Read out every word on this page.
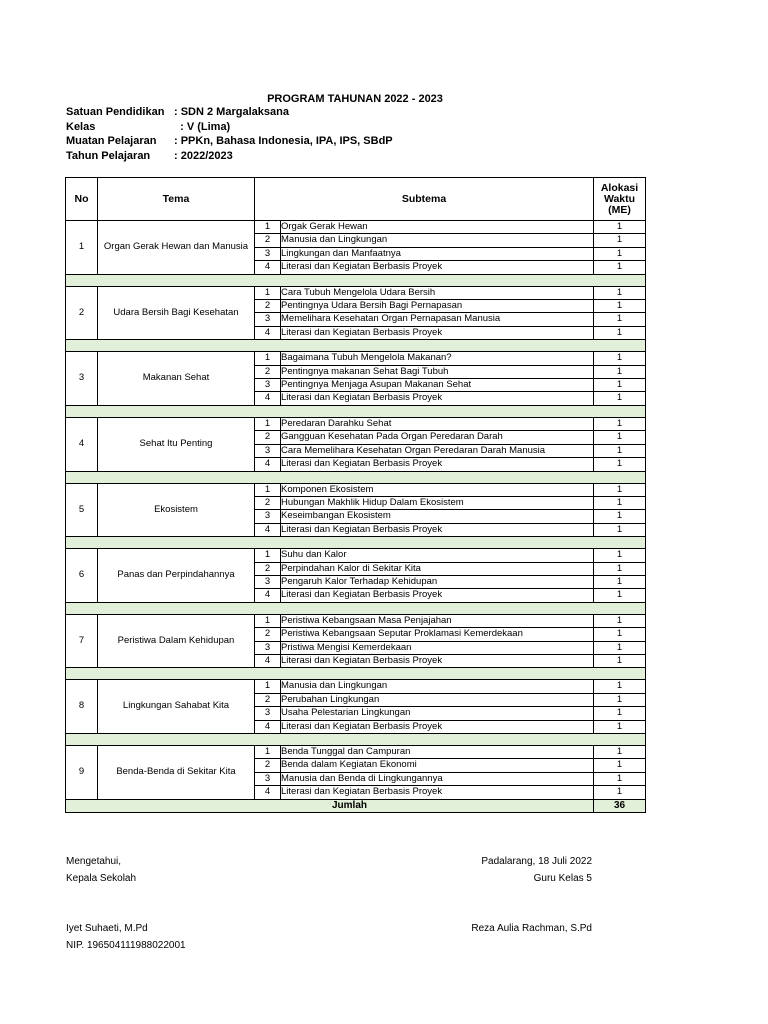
PROGRAM TAHUNAN 2022 - 2023
Satuan Pendidikan : SDN 2 Margalaksana
Kelas	: V (Lima)
Muatan Pelajaran : PPKn, Bahasa Indonesia, IPA, IPS, SBdP
Tahun Pelajaran : 2022/2023
No	Tema	Subtema		Alokasi Waktu (ME)
1	Organ Gerak Hewan dan Manusia	1	Orgak Gerak Hewan	1
		2	Manusia dan Lingkungan	1
		3	Lingkungan dan Manfaatnya	1
		4	Literasi dan Kegiatan Berbasis Proyek	1

2	Udara Bersih Bagi Kesehatan	1	Cara Tubuh Mengelola Udara Bersih	1
		2	Pentingnya Udara Bersih Bagi Pernapasan	1
		3	Memelihara Kesehatan Organ Pernapasan Manusia	1
		4	Literasi dan Kegiatan Berbasis Proyek	1

3	Makanan Sehat	1	Bagaimana Tubuh Mengelola Makanan?	1
		2	Pentingnya makanan Sehat Bagi Tubuh	1
		3	Pentingnya Menjaga Asupan Makanan Sehat	1
		4	Literasi dan Kegiatan Berbasis Proyek	1

4	Sehat Itu Penting	1	Peredaran Darahku Sehat	1
		2	Gangguan Kesehatan Pada Organ Peredaran Darah	1
		3	Cara Memelihara Kesehatan Organ Peredaran Darah Manusia	1
		4	Literasi dan Kegiatan Berbasis Proyek	1

5	Ekosistem	1	Komponen Ekosistem	1
		2	Hubungan Makhlik Hidup Dalam Ekosistem	1
		3	Keseimbangan Ekosistem	1
		4	Literasi dan Kegiatan Berbasis Proyek	1

6	Panas dan Perpindahannya	1	Suhu dan Kalor	1
		2	Perpindahan Kalor di Sekitar Kita	1
		3	Pengaruh Kalor Terhadap Kehidupan	1
		4	Literasi dan Kegiatan Berbasis Proyek	1

7	Peristiwa Dalam Kehidupan	1	Peristiwa Kebangsaan Masa Penjajahan	1
		2	Peristiwa Kebangsaan Seputar Proklamasi Kemerdekaan	1
		3	Pristiwa Mengisi Kemerdekaan	1
		4	Literasi dan Kegiatan Berbasis Proyek	1

8	Lingkungan Sahabat Kita	1	Manusia dan Lingkungan	1
		2	Perubahan Lingkungan	1
		3	Usaha Pelestarian Lingkungan	1
		4	Literasi dan Kegiatan Berbasis Proyek	1

9	Benda-Benda di Sekitar Kita	1	Benda Tunggal dan Campuran	1
		2	Benda dalam Kegiatan Ekonomi	1
		3	Manusia dan Benda di Lingkungannya	1
		4	Literasi dan Kegiatan Berbasis Proyek	1
Jumlah				36
Mengetahui,
Kepala Sekolah
Iyet Suhaeti, M.Pd
NIP. 196504111988022001
Padalarang, 18 Juli 2022
Guru Kelas 5
Reza Aulia Rachman, S.Pd
